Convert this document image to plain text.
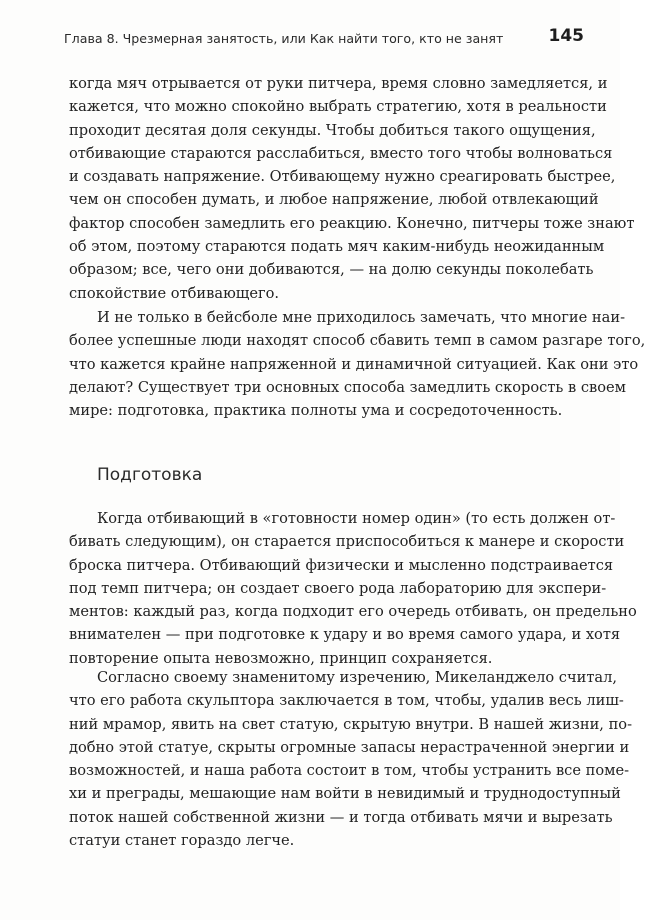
Глава 8. Чрезмерная занятость, или Как найти того, кто не занят	145
когда мяч отрывается от руки питчера, время словно замедляется, и
кажется, что можно спокойно выбрать стратегию, хотя в реальности
проходит десятая доля секунды. Чтобы добиться такого ощущения,
отбивающие стараются расслабиться, вместо того чтобы волноваться
и создавать напряжение. Отбивающему нужно среагировать быстрее,
чем он способен думать, и любое напряжение, любой отвлекающий
фактор способен замедлить его реакцию. Конечно, питчеры тоже знают
об этом, поэтому стараются подать мяч каким-нибудь неожиданным
образом; все, чего они добиваются, — на долю секунды поколебать
спокойствие отбивающего.
И не только в бейсболе мне приходилось замечать, что многие наи-
более успешные люди находят способ сбавить темп в самом разгаре того,
что кажется крайне напряженной и динамичной ситуацией. Как они это
делают? Существует три основных способа замедлить скорость в своем
мире: подготовка, практика полноты ума и сосредоточенность.
Подготовка
Когда отбивающий в «готовности номер один» (то есть должен от-
бивать следующим), он старается приспособиться к манере и скорости
броска питчера. Отбивающий физически и мысленно подстраивается
под темп питчера; он создает своего рода лабораторию для экспери-
ментов: каждый раз, когда подходит его очередь отбивать, он предельно
внимателен — при подготовке к удару и во время самого удара, и хотя
повторение опыта невозможно, принцип сохраняется.
Согласно своему знаменитому изречению, Микеланджело считал,
что его работа скульптора заключается в том, чтобы, удалив весь лиш-
ний мрамор, явить на свет статую, скрытую внутри. В нашей жизни, по-
добно этой статуе, скрыты огромные запасы нерастраченной энергии и
возможностей, и наша работа состоит в том, чтобы устранить все поме-
хи и преграды, мешающие нам войти в невидимый и труднодоступный
поток нашей собственной жизни — и тогда отбивать мячи и вырезать
статуи станет гораздо легче.
